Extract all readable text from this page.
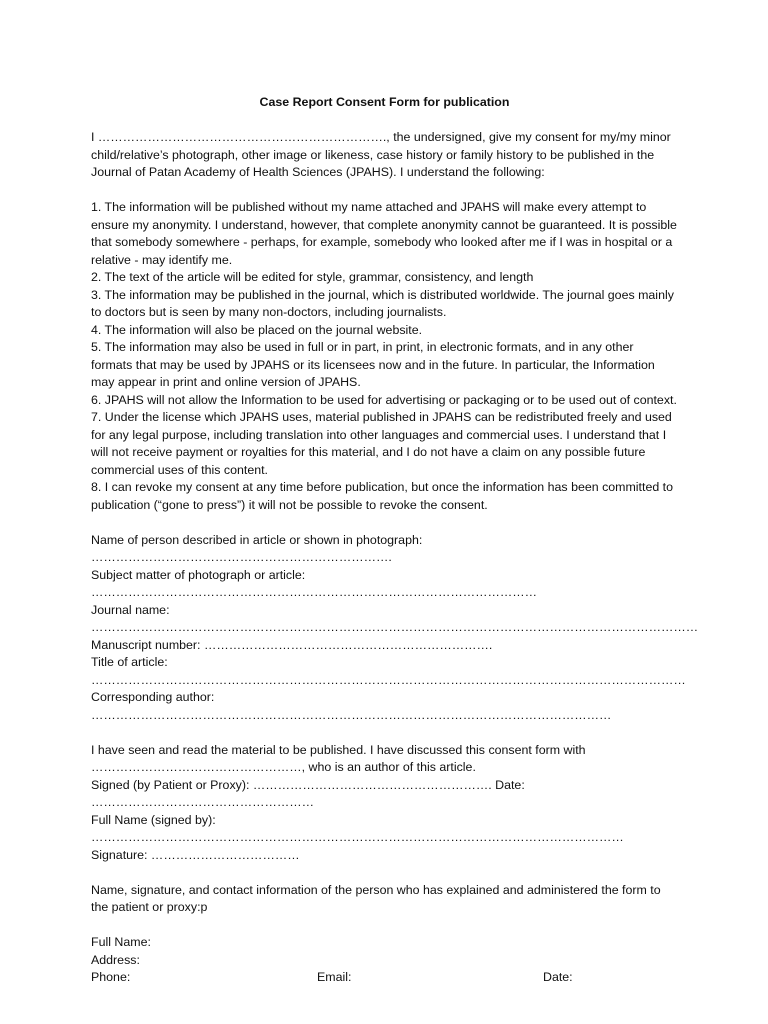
Case Report Consent Form for publication

I ……………………………………………………………., the undersigned, give my consent for my/my minor child/relative’s photograph, other image or likeness, case history or family history to be published in the Journal of Patan Academy of Health Sciences (JPAHS). I understand the following:

1. The information will be published without my name attached and JPAHS will make every attempt to ensure my anonymity. I understand, however, that complete anonymity cannot be guaranteed. It is possible that somebody somewhere - perhaps, for example, somebody who looked after me if I was in hospital or a relative - may identify me.

2. The text of the article will be edited for style, grammar, consistency, and length

3. The information may be published in the journal, which is distributed worldwide. The journal goes mainly to doctors but is seen by many non-doctors, including journalists.

4. The information will also be placed on the journal website.

5. The information may also be used in full or in part, in print, in electronic formats, and in any other formats that may be used by JPAHS or its licensees now and in the future. In particular, the Information may appear in print and online version of JPAHS.

6. JPAHS will not allow the Information to be used for advertising or packaging or to be used out of context.

7. Under the license which JPAHS uses, material published in JPAHS can be redistributed freely and used for any legal purpose, including translation into other languages and commercial uses. I understand that I will not receive payment or royalties for this material, and I do not have a claim on any possible future commercial uses of this content.

8. I can revoke my consent at any time before publication, but once the information has been committed to publication (“gone to press”) it will not be possible to revoke the consent.

Name of person described in article or shown in photograph: ……………………………………………………………….

Subject matter of photograph or article: ………………………………………………………………………………………………

Journal name: …………………………………………………………………………………………………………………………………

Manuscript number: …………………………………………………………….

Title of article: ………………………………………………………………………………………………………………………………

Corresponding author: ………………………………………………………………………………………………………………

I have seen and read the material to be published. I have discussed this consent form with ……………………………………………, who is an author of this article.

Signed (by Patient or Proxy): …………………………………………………. Date: ………………………………………………

Full Name (signed by): …………………………………………………………………………………………………………………

Signature: ………………………………

Name, signature, and contact information of the person who has explained and administered the form to the patient or proxy:p

Full Name:

Address:

Phone:	Email:	Date:
